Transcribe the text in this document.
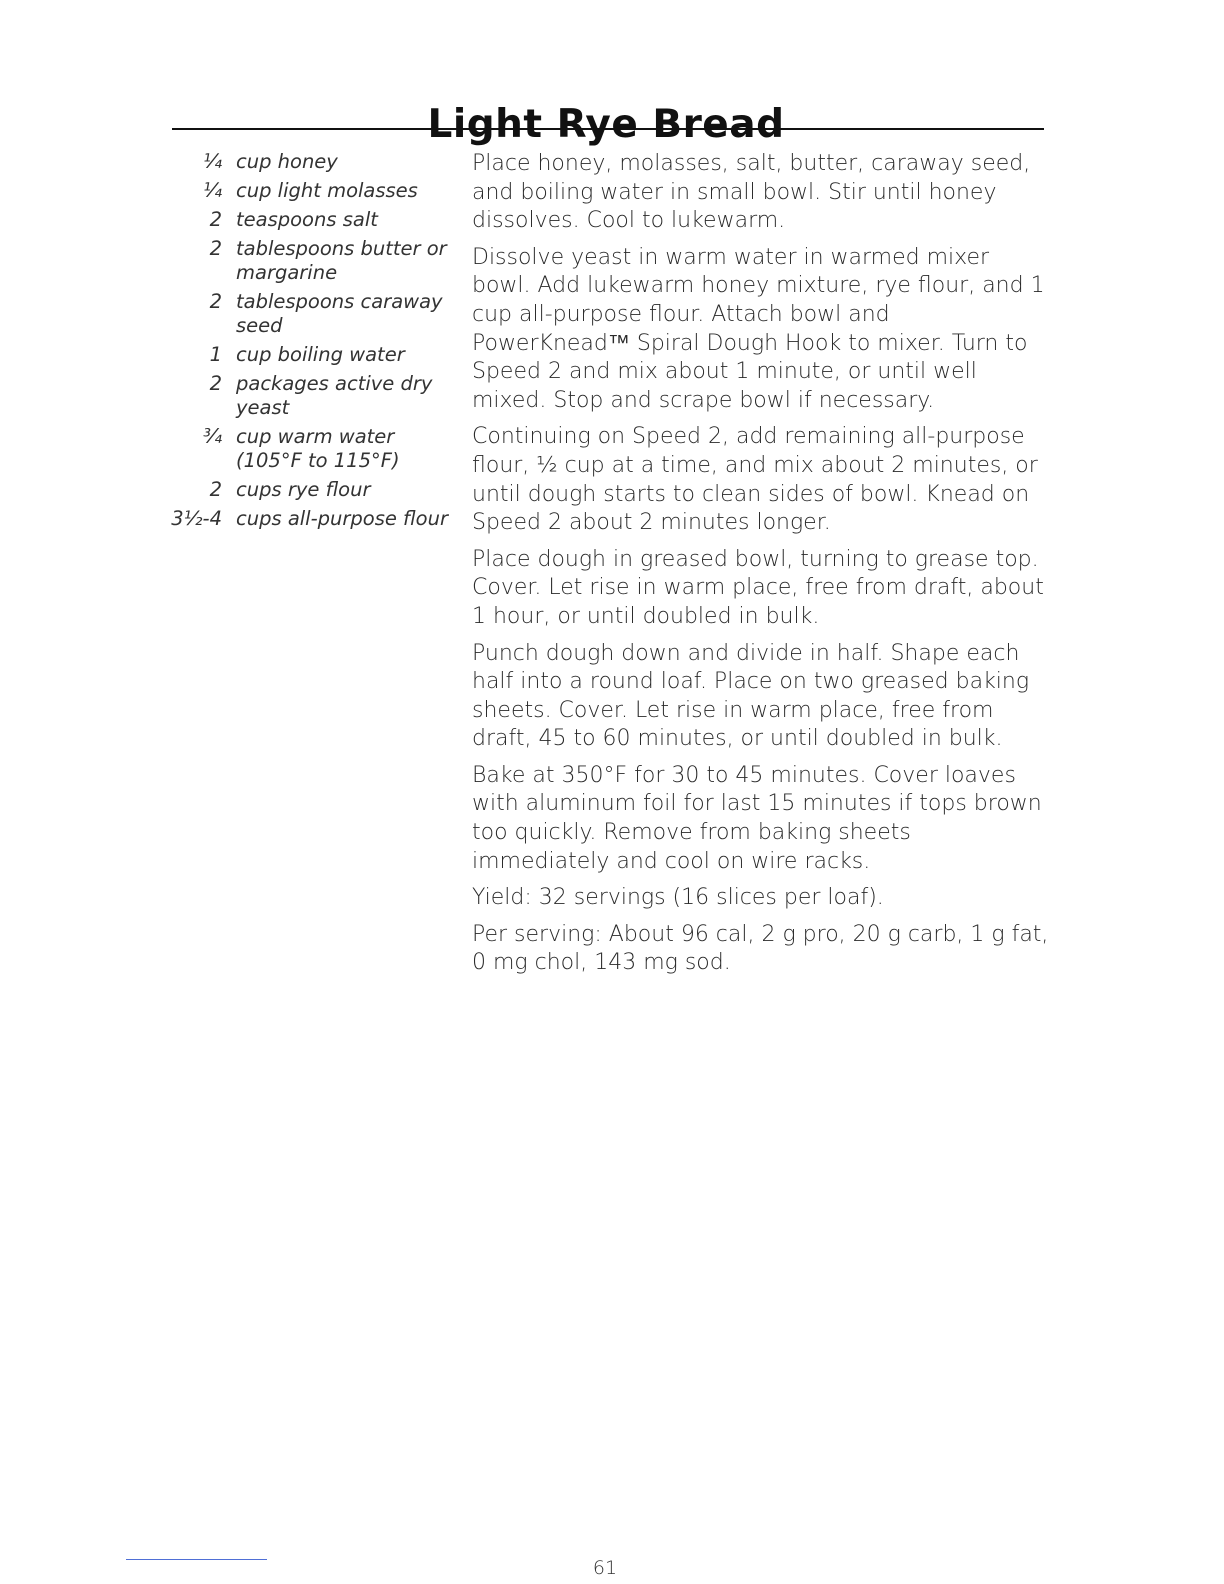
Light Rye Bread
¼ cup honey
¼ cup light molasses
2 teaspoons salt
2 tablespoons butter or margarine
2 tablespoons caraway seed
1 cup boiling water
2 packages active dry yeast
¾ cup warm water (105°F to 115°F)
2 cups rye flour
3½-4 cups all-purpose flour

Place honey, molasses, salt, butter, caraway seed, and boiling water in small bowl. Stir until honey dissolves. Cool to lukewarm.

Dissolve yeast in warm water in warmed mixer bowl. Add lukewarm honey mixture, rye flour, and 1 cup all-purpose flour. Attach bowl and PowerKnead™ Spiral Dough Hook to mixer. Turn to Speed 2 and mix about 1 minute, or until well mixed. Stop and scrape bowl if necessary.

Continuing on Speed 2, add remaining all-purpose flour, ½ cup at a time, and mix about 2 minutes, or until dough starts to clean sides of bowl. Knead on Speed 2 about 2 minutes longer.

Place dough in greased bowl, turning to grease top. Cover. Let rise in warm place, free from draft, about 1 hour, or until doubled in bulk.

Punch dough down and divide in half. Shape each half into a round loaf. Place on two greased baking sheets. Cover. Let rise in warm place, free from draft, 45 to 60 minutes, or until doubled in bulk.

Bake at 350°F for 30 to 45 minutes. Cover loaves with aluminum foil for last 15 minutes if tops brown too quickly. Remove from baking sheets immediately and cool on wire racks.

Yield: 32 servings (16 slices per loaf).

Per serving: About 96 cal, 2 g pro, 20 g carb, 1 g fat, 0 mg chol, 143 mg sod.

61
